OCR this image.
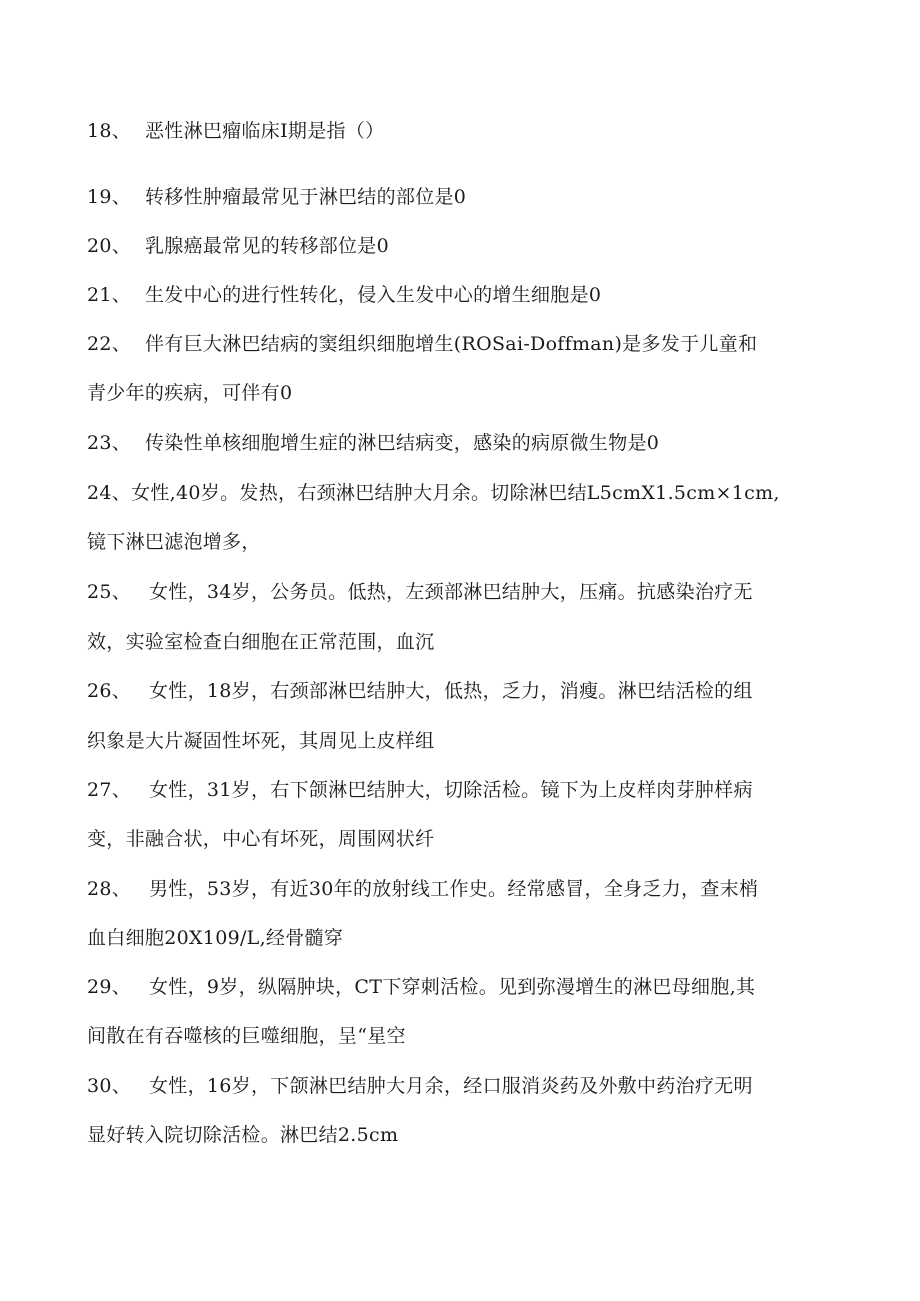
18、 恶性淋巴瘤临床Ⅰ期是指（）
19、 转移性肿瘤最常见于淋巴结的部位是0
20、 乳腺癌最常见的转移部位是0
21、 生发中心的进行性转化，侵入生发中心的增生细胞是0
22、 伴有巨大淋巴结病的窦组织细胞增生(ROSai-Doffman)是多发于儿童和
青少年的疾病，可伴有0
23、 传染性单核细胞增生症的淋巴结病变，感染的病原微生物是0
24、女性,40岁。发热，右颈淋巴结肿大月余。切除淋巴结L5cmX1.5cm×1cm,
镜下淋巴滤泡增多，
25、 女性，34岁，公务员。低热，左颈部淋巴结肿大，压痛。抗感染治疗无
效，实验室检查白细胞在正常范围，血沉
26、 女性，18岁，右颈部淋巴结肿大，低热，乏力，消瘦。淋巴结活检的组
织象是大片凝固性坏死，其周见上皮样组
27、 女性，31岁，右下颌淋巴结肿大，切除活检。镜下为上皮样肉芽肿样病
变，非融合状，中心有坏死，周围网状纤
28、 男性，53岁，有近30年的放射线工作史。经常感冒，全身乏力，查末梢
血白细胞20X109/L,经骨髓穿
29、 女性，9岁，纵隔肿块，CT下穿刺活检。见到弥漫增生的淋巴母细胞,其
间散在有吞噬核的巨噬细胞，呈“星空
30、 女性，16岁，下颌淋巴结肿大月余，经口服消炎药及外敷中药治疗无明
显好转入院切除活检。淋巴结2.5cm
